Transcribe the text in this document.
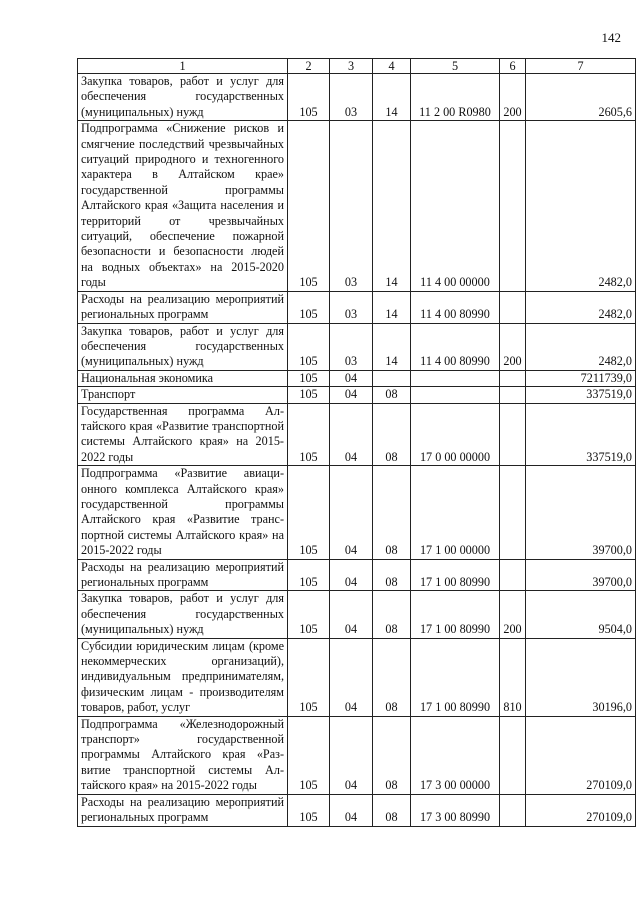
142
1	2	3	4	5	6	7
Закупка товаров, работ и услуг для обеспечения государственных (муниципальных) нужд	105	03	14	11 2 00 R0980	200	2605,6
Подпрограмма «Снижение рисков и смягчение последствий чрезвычайных ситуаций природного и техногенного характера в Алтайском крае» государственной программы Алтайского края «Защита населения и территорий от чрезвычайных ситуаций, обеспечение пожарной безопасности и безопасности людей на водных объектах» на 2015-2020 годы	105	03	14	11 4 00 00000		2482,0
Расходы на реализацию мероприятий региональных программ	105	03	14	11 4 00 80990		2482,0
Закупка товаров, работ и услуг для обеспечения государственных (муниципальных) нужд	105	03	14	11 4 00 80990	200	2482,0
Национальная экономика	105	04				7211739,0
Транспорт	105	04	08			337519,0
Государственная программа Алтайского края «Развитие транспортной системы Алтайского края» на 2015-2022 годы	105	04	08	17 0 00 00000		337519,0
Подпрограмма «Развитие авиационного комплекса Алтайского края» государственной программы Алтайского края «Развитие транспортной системы Алтайского края» на 2015-2022 годы	105	04	08	17 1 00 00000		39700,0
Расходы на реализацию мероприятий региональных программ	105	04	08	17 1 00 80990		39700,0
Закупка товаров, работ и услуг для обеспечения государственных (муниципальных) нужд	105	04	08	17 1 00 80990	200	9504,0
Субсидии юридическим лицам (кроме некоммерческих организаций), индивидуальным предпринимателям, физическим лицам - производителям товаров, работ, услуг	105	04	08	17 1 00 80990	810	30196,0
Подпрограмма «Железнодорожный транспорт» государственной программы Алтайского края «Развитие транспортной системы Алтайского края» на 2015-2022 годы	105	04	08	17 3 00 00000		270109,0
Расходы на реализацию мероприятий региональных программ	105	04	08	17 3 00 80990		270109,0
